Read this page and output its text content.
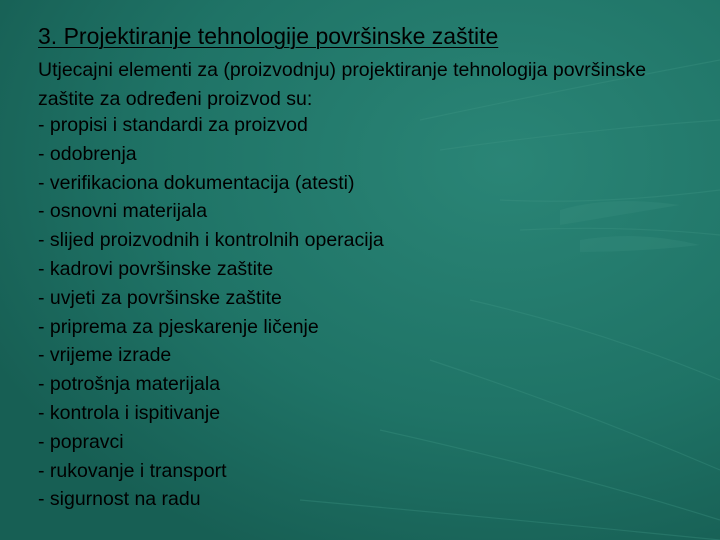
3. Projektiranje tehnologije površinske zaštite
Utjecajni elementi za (proizvodnju) projektiranje tehnologija površinske zaštite za određeni proizvod su:
- propisi i standardi za proizvod
- odobrenja
- verifikaciona dokumentacija (atesti)
- osnovni materijala
- slijed proizvodnih i kontrolnih operacija
- kadrovi površinske zaštite
- uvjeti za površinske zaštite
- priprema za pjeskarenje ličenje
- vrijeme izrade
- potrošnja materijala
- kontrola i ispitivanje
- popravci
- rukovanje i transport
- sigurnost na radu
